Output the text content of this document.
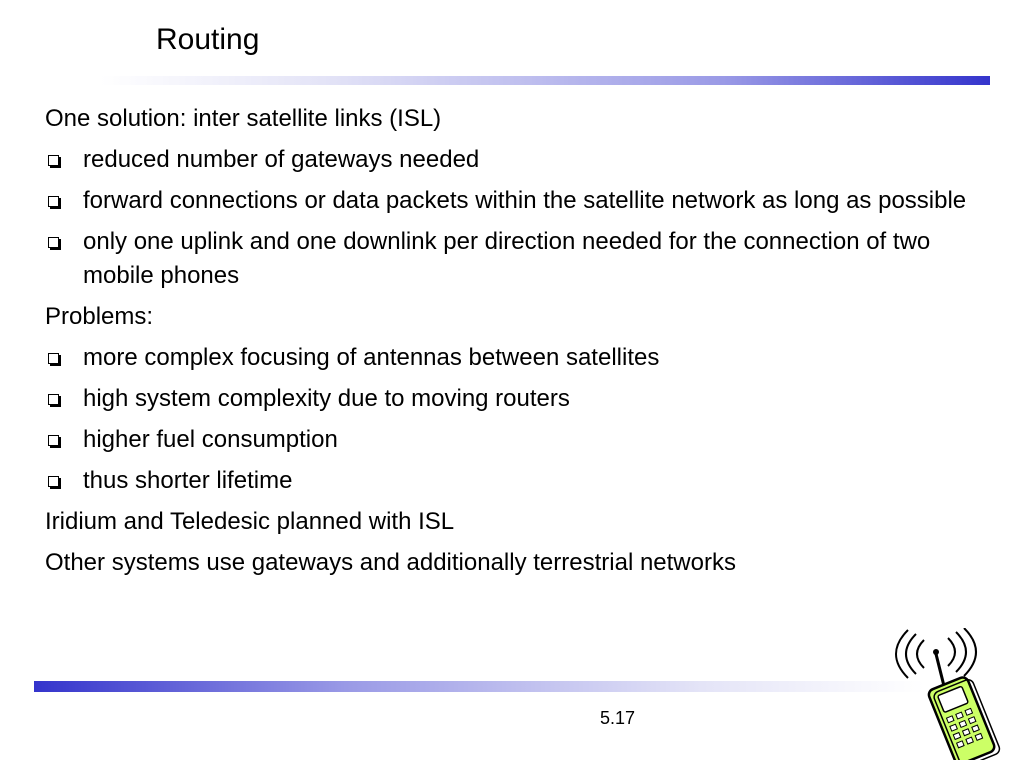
Routing
One solution: inter satellite links (ISL)
reduced number of gateways needed
forward connections or data packets within the satellite network as long as possible
only one uplink and one downlink per direction needed for the connection of two mobile phones
Problems:
more complex focusing of antennas between satellites
high system complexity due to moving routers
higher fuel consumption
thus shorter lifetime
Iridium and Teledesic planned with ISL
Other systems use gateways and additionally terrestrial networks
5.17
